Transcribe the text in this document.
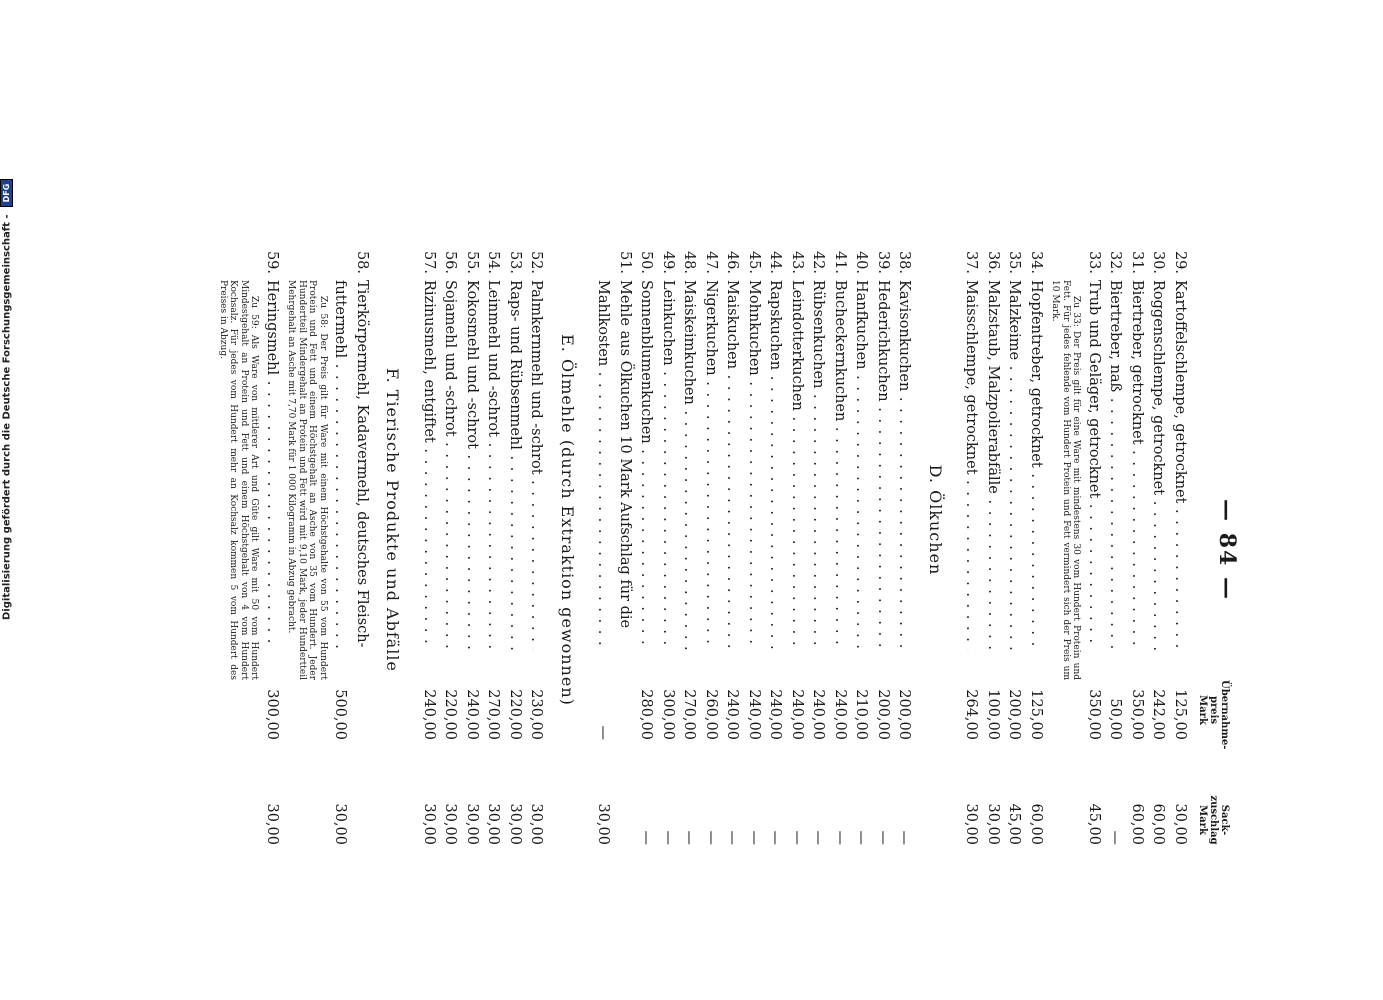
— 84 —
Übernahme-
preis
Mark
Sack-
zuschlag
Mark
29.
Kartoffelschlempe, getrocknet . . .
125,00
30,00
30.
Roggenschlempe, getrocknet . . .
242,00
60,00
31.
Biertreber, getrocknet . . .
350,00
60,00
32.
Biertreber, naß . . .
50,00
—
33.
Trub und Geläger, getrocknet . . .
350,00
45,00
Zu 33: Der Preis gilt für eine Ware mit mindestens 30 vom Hundert Protein und Fett. Für jedes fehlende vom Hundert Protein und Fett vermindert sich der Preis um 10 Mark.
34.
Hopfentreber, getrocknet . . .
125,00
60,00
35.
Malzkeime . . .
200,00
45,00
36.
Malzstaub, Malzpolierabfälle . . .
100,00
30,00
37.
Maisschlempe, getrocknet . . .
264,00
30,00
D. Ölkuchen
38.
Kavisonkuchen . . .
200,00
—
39.
Hederichkuchen . . .
200,00
—
40.
Hanfkuchen . . .
210,00
—
41.
Bucheckernkuchen . . .
240,00
—
42.
Rübsenkuchen . . .
240,00
—
43.
Leindotterkuchen . . .
240,00
—
44.
Rapskuchen . . .
240,00
—
45.
Mohnkuchen . . .
240,00
—
46.
Maiskuchen . . .
240,00
—
47.
Nigerkuchen . . .
260,00
—
48.
Maiskeimkuchen . . .
270,00
—
49.
Leinkuchen . . .
300,00
—
50.
Sonnenblumenkuchen . . .
280,00
—
51.
Mehle aus Ölkuchen 10 Mark Aufschlag für die
Mahlkosten . . .
—
30,00
E. Ölmehle (durch Extraktion gewonnen)
52.
Palmkernmehl und -schrot . . .
230,00
30,00
53.
Raps- und Rübsenmehl . . .
220,00
30,00
54.
Leinmehl und -schrot . . .
270,00
30,00
55.
Kokosmehl und -schrot . . .
240,00
30,00
56.
Sojamehl und -schrot . . .
220,00
30,00
57.
Rizinusmehl, entgiftet . . .
240,00
30,00
F. Tierische Produkte und Abfälle
58.
Tierkörpermehl, Kadavermehl, deutsches Fleisch-
futtermehl . . .
500,00
30,00
Zu 58: Der Preis gilt für Ware mit einem Höchstgehalte von 55 vom Hundert Protein und Fett und einem Höchstgehalt an Asche von 35 vom Hundert. Jeder Hundertteil Mindergehalt an Protein und Fett wird mit 9,10 Mark, jeder Hundertteil Mehrgehalt an Asche mit 7,70 Mark für 1 000 Kilogramm in Abzug gebracht.
59.
Heringsmehl . . .
300,00
30,00
Zu 59: Als Ware von mittlerer Art und Güte gilt Ware mit 50 vom Hundert Mindestgehalt an Protein und Fett und einem Höchstgehalt von 4 vom Hundert Kochsalz. Für jedes vom Hundert mehr an Kochsalz kommen 5 vom Hundert des Preises in Abzug.
Digitalisierung gefördert durch die Deutsche Forschungsgemeinschaft - DFG
